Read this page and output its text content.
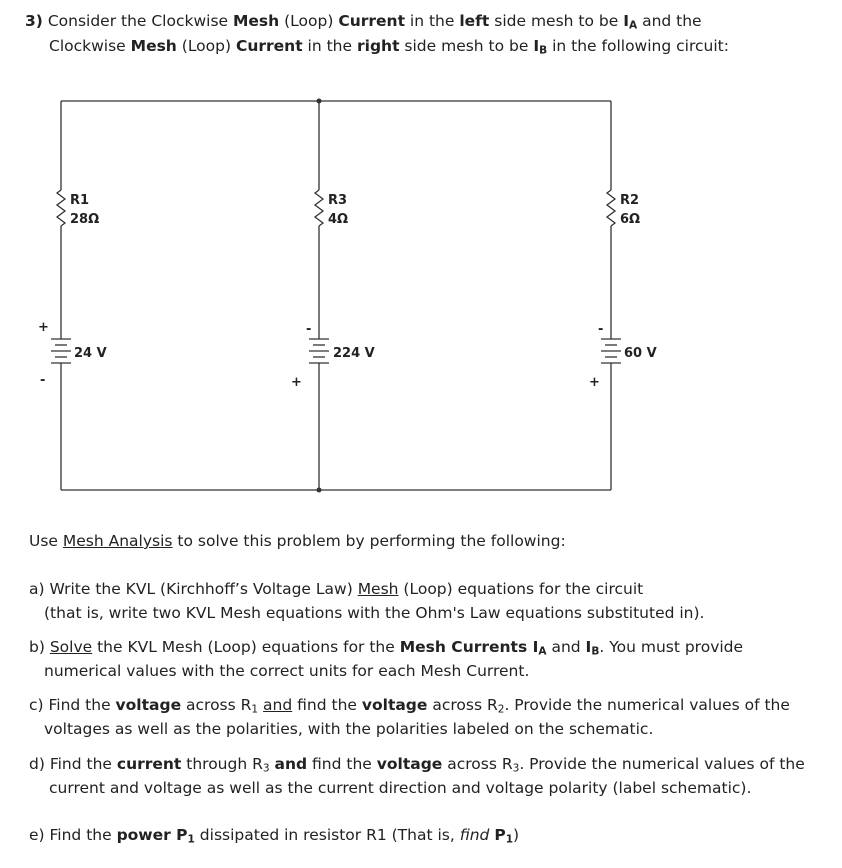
3) Consider the Clockwise Mesh (Loop) Current in the left side mesh to be $I_A$ and the
Clockwise Mesh (Loop) Current in the right side mesh to be $I_B$ in the following circuit:
R1
28Ω
R3
4Ω
R2
6Ω
24 V	224 V	60 V
+
-
-
+
-
+
Use Mesh Analysis to solve this problem by performing the following:
a) Write the KVL (Kirchhoff’s Voltage Law) Mesh (Loop) equations for the circuit
(that is, write two KVL Mesh equations with the Ohm's Law equations substituted in).
b) Solve the KVL Mesh (Loop) equations for the Mesh Currents $I_A$ and $I_B$. You must provide
numerical values with the correct units for each Mesh Current.
c) Find the voltage across $R_1$ and find the voltage across $R_2$. Provide the numerical values of the
voltages as well as the polarities, with the polarities labeled on the schematic.
d) Find the current through $R_3$ and find the voltage across $R_3$. Provide the numerical values of the
current and voltage as well as the current direction and voltage polarity (label schematic).
e) Find the power $P_1$ dissipated in resistor R1 (That is, find $P_1$)
